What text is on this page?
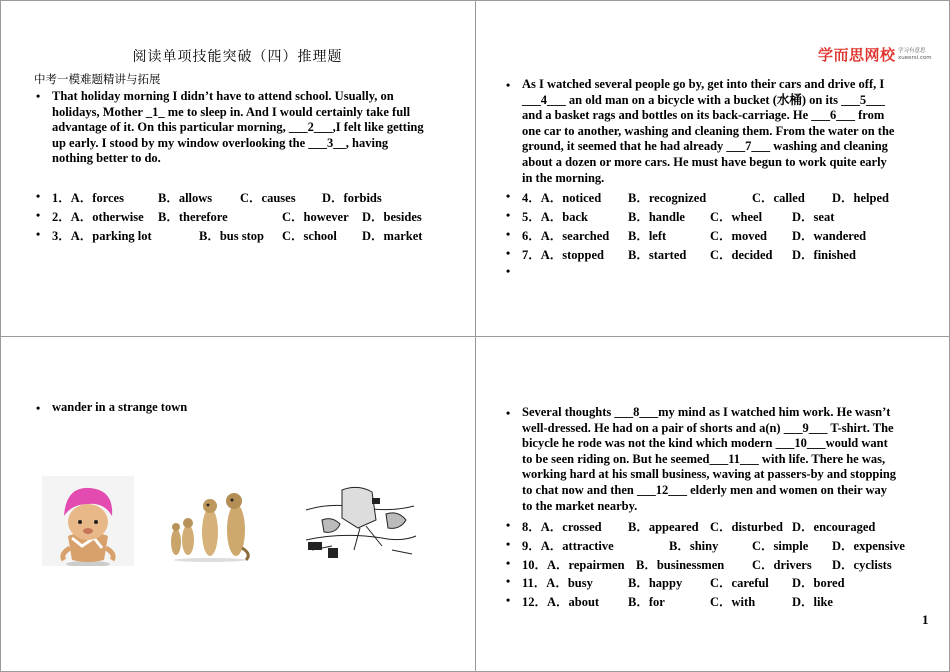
阅读单项技能突破（四）推理题
中考一模难题精讲与拓展
• That holiday morning I didn’t have to attend school. Usually, on
holidays, Mother _1_ me to sleep in. And I would certainly take full
advantage of it. On this particular morning, ___2___,I felt like getting
up early. I stood by my window overlooking the ___3__, having
nothing better to do.
• 1．A．forces	B．allows C．causes D．forbids
• 2．A．otherwise B．therefore	C．however D．besides
• 3．A．parking lot	B．bus stop C．school D．market
学而思网校 学习有意思
xueersi.com
• As I watched several people go by, get into their cars and drive off, I
___4___ an old man on a bicycle with a bucket (水桶) on its ___5___
and a basket rags and bottles on its back-carriage. He ___6___ from
one car to another, washing and cleaning them. From the water on the
ground, it seemed that he had already ___7___ washing and cleaning
about a dozen or more cars. He must have begun to work quite early
in the morning.
• 4．A．noticed B．recognized	C．called D．helped
• 5．A．back	B．handle C．wheel D．seat
• 6．A．searched B．left	C．moved D．wandered
• 7．A．stopped B．started C．decided D．finished
•
• wander in a strange town	• Several thoughts ___8___my mind as I watched him work. He wasn’t
well-dressed. He had on a pair of shorts and a(n) ___9___ T-shirt. The
bicycle he rode was not the kind which modern ___10___would want
to be seen riding on. But he seemed___11___ with life. There he was,
working hard at his small business, waving at passers-by and stopping
to chat now and then ___12___ elderly men and women on their way
to the market nearby.
• 8．A．crossed B．appeared C．disturbed D．encouraged
• 9．A．attractive	B．shiny	C．simple D．expensive
• 10．A．repairmen B．businessmen C．drivers D．cyclists
• 11．A．busy	B．happy C．careful D．bored
• 12．A．about B．for	C．with	D．like
1
